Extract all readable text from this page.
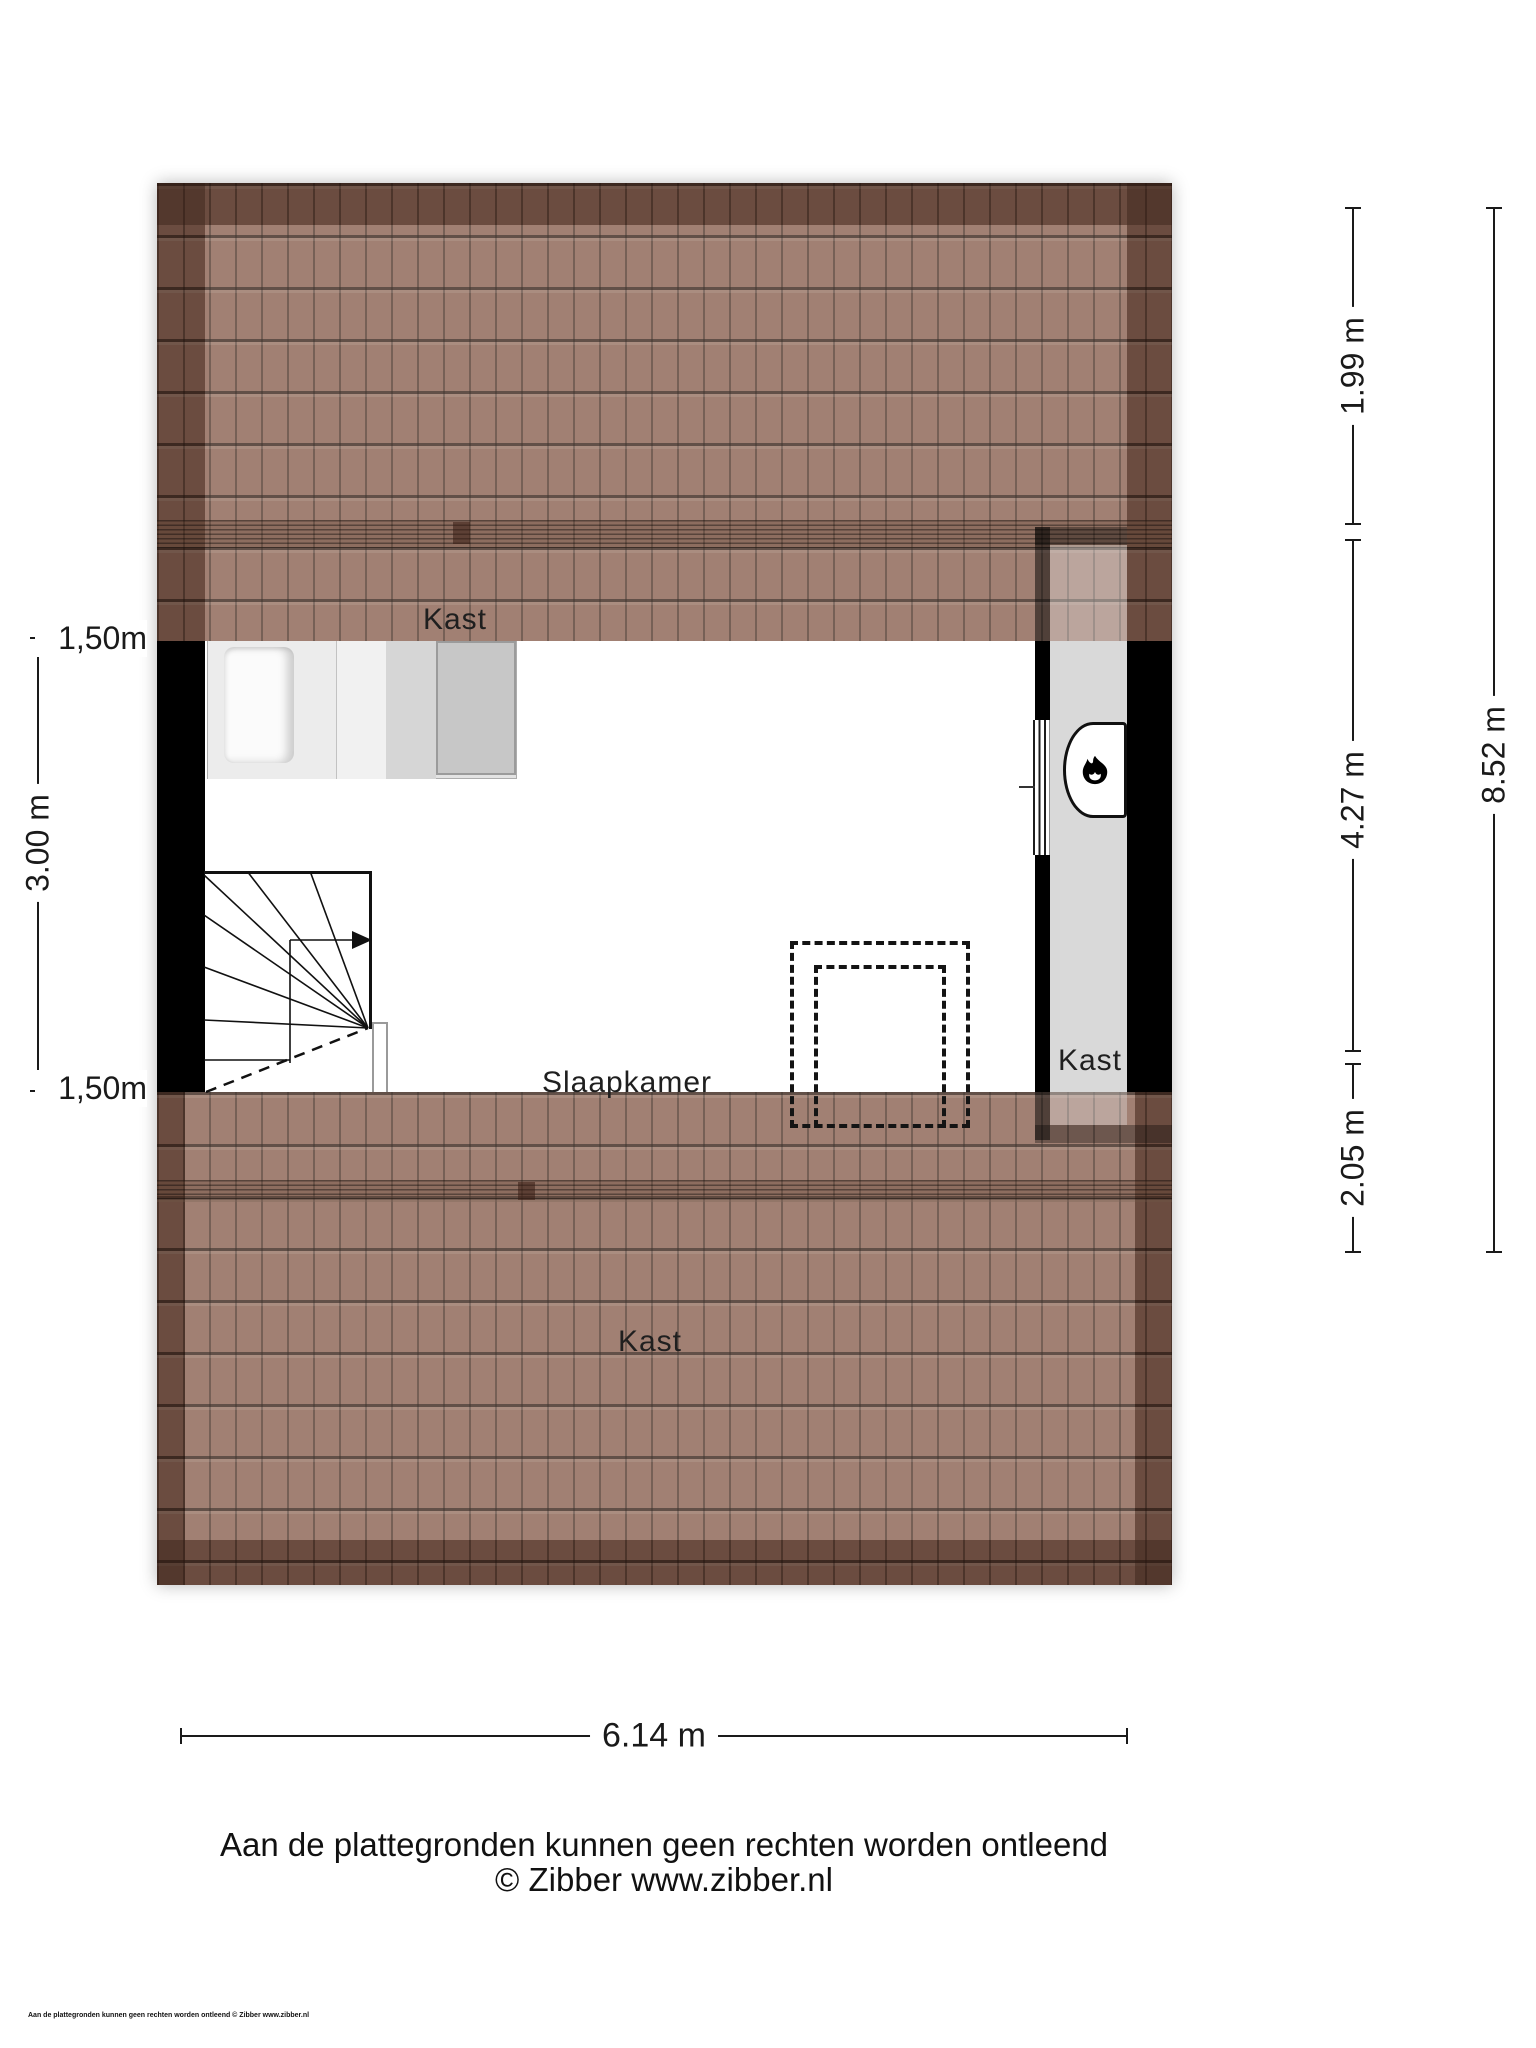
Kast
Slaapkamer
Kast
Kast
3.00 m
1,50m
1,50m
1.99 m
4.27 m
2.05 m
8.52 m
6.14 m
Aan de plattegronden kunnen geen rechten worden ontleend
© Zibber www.zibber.nl
Aan de plattegronden kunnen geen rechten worden ontleend © Zibber www.zibber.nl
